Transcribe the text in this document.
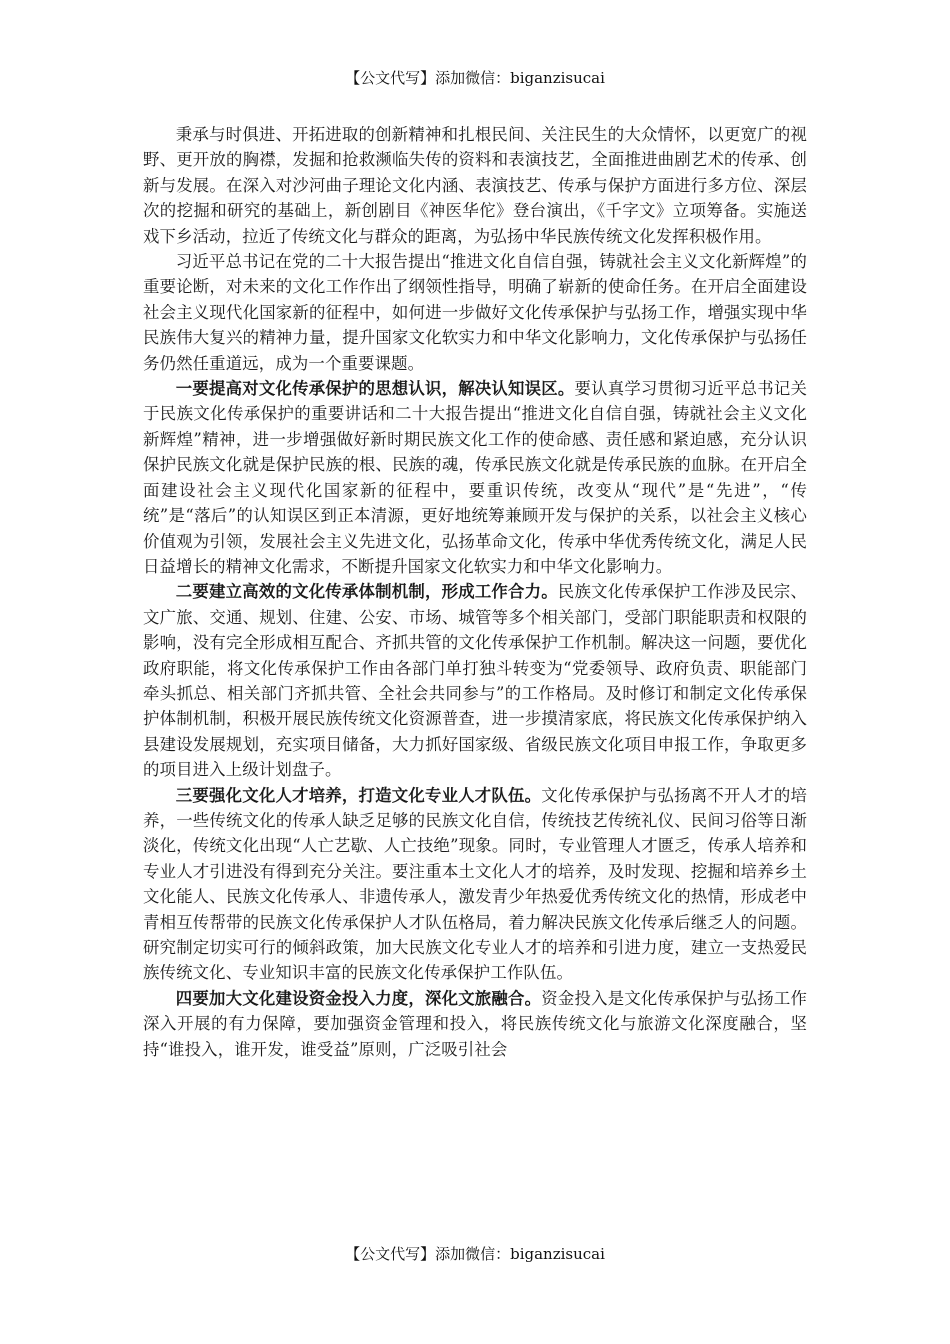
【公文代写】添加微信：biganzisucai

秉承与时俱进、开拓进取的创新精神和扎根民间、关注民生的大众情怀，以更宽广的视野、更开放的胸襟，发掘和抢救濒临失传的资料和表演技艺，全面推进曲剧艺术的传承、创新与发展。在深入对沙河曲子理论文化内涵、表演技艺、传承与保护方面进行多方位、深层次的挖掘和研究的基础上，新创剧目《神医华佗》登台演出，《千字文》立项筹备。实施送戏下乡活动，拉近了传统文化与群众的距离，为弘扬中华民族传统文化发挥积极作用。

习近平总书记在党的二十大报告提出“推进文化自信自强，铸就社会主义文化新辉煌”的重要论断，对未来的文化工作作出了纲领性指导，明确了崭新的使命任务。在开启全面建设社会主义现代化国家新的征程中，如何进一步做好文化传承保护与弘扬工作，增强实现中华民族伟大复兴的精神力量，提升国家文化软实力和中华文化影响力，文化传承保护与弘扬任务仍然任重道远，成为一个重要课题。

一要提高对文化传承保护的思想认识，解决认知误区。要认真学习贯彻习近平总书记关于民族文化传承保护的重要讲话和二十大报告提出“推进文化自信自强，铸就社会主义文化新辉煌”精神，进一步增强做好新时期民族文化工作的使命感、责任感和紧迫感，充分认识保护民族文化就是保护民族的根、民族的魂，传承民族文化就是传承民族的血脉。在开启全面建设社会主义现代化国家新的征程中，要重识传统，改变从“现代”是“先进”，“传统”是“落后”的认知误区到正本清源，更好地统筹兼顾开发与保护的关系，以社会主义核心价值观为引领，发展社会主义先进文化，弘扬革命文化，传承中华优秀传统文化，满足人民日益增长的精神文化需求，不断提升国家文化软实力和中华文化影响力。

二要建立高效的文化传承体制机制，形成工作合力。民族文化传承保护工作涉及民宗、文广旅、交通、规划、住建、公安、市场、城管等多个相关部门，受部门职能职责和权限的影响，没有完全形成相互配合、齐抓共管的文化传承保护工作机制。解决这一问题，要优化政府职能，将文化传承保护工作由各部门单打独斗转变为“党委领导、政府负责、职能部门牵头抓总、相关部门齐抓共管、全社会共同参与”的工作格局。及时修订和制定文化传承保护体制机制，积极开展民族传统文化资源普查，进一步摸清家底，将民族文化传承保护纳入县建设发展规划，充实项目储备，大力抓好国家级、省级民族文化项目申报工作，争取更多的项目进入上级计划盘子。

三要强化文化人才培养，打造文化专业人才队伍。文化传承保护与弘扬离不开人才的培养，一些传统文化的传承人缺乏足够的民族文化自信，传统技艺传统礼仪、民间习俗等日渐淡化，传统文化出现“人亡艺歇、人亡技绝”现象。同时，专业管理人才匮乏，传承人培养和专业人才引进没有得到充分关注。要注重本土文化人才的培养，及时发现、挖掘和培养乡土文化能人、民族文化传承人、非遗传承人，激发青少年热爱优秀传统文化的热情，形成老中青相互传帮带的民族文化传承保护人才队伍格局，着力解决民族文化传承后继乏人的问题。研究制定切实可行的倾斜政策，加大民族文化专业人才的培养和引进力度，建立一支热爱民族传统文化、专业知识丰富的民族文化传承保护工作队伍。

四要加大文化建设资金投入力度，深化文旅融合。资金投入是文化传承保护与弘扬工作深入开展的有力保障，要加强资金管理和投入，将民族传统文化与旅游文化深度融合，坚持“谁投入，谁开发，谁受益”原则，广泛吸引社会

【公文代写】添加微信：biganzisucai
